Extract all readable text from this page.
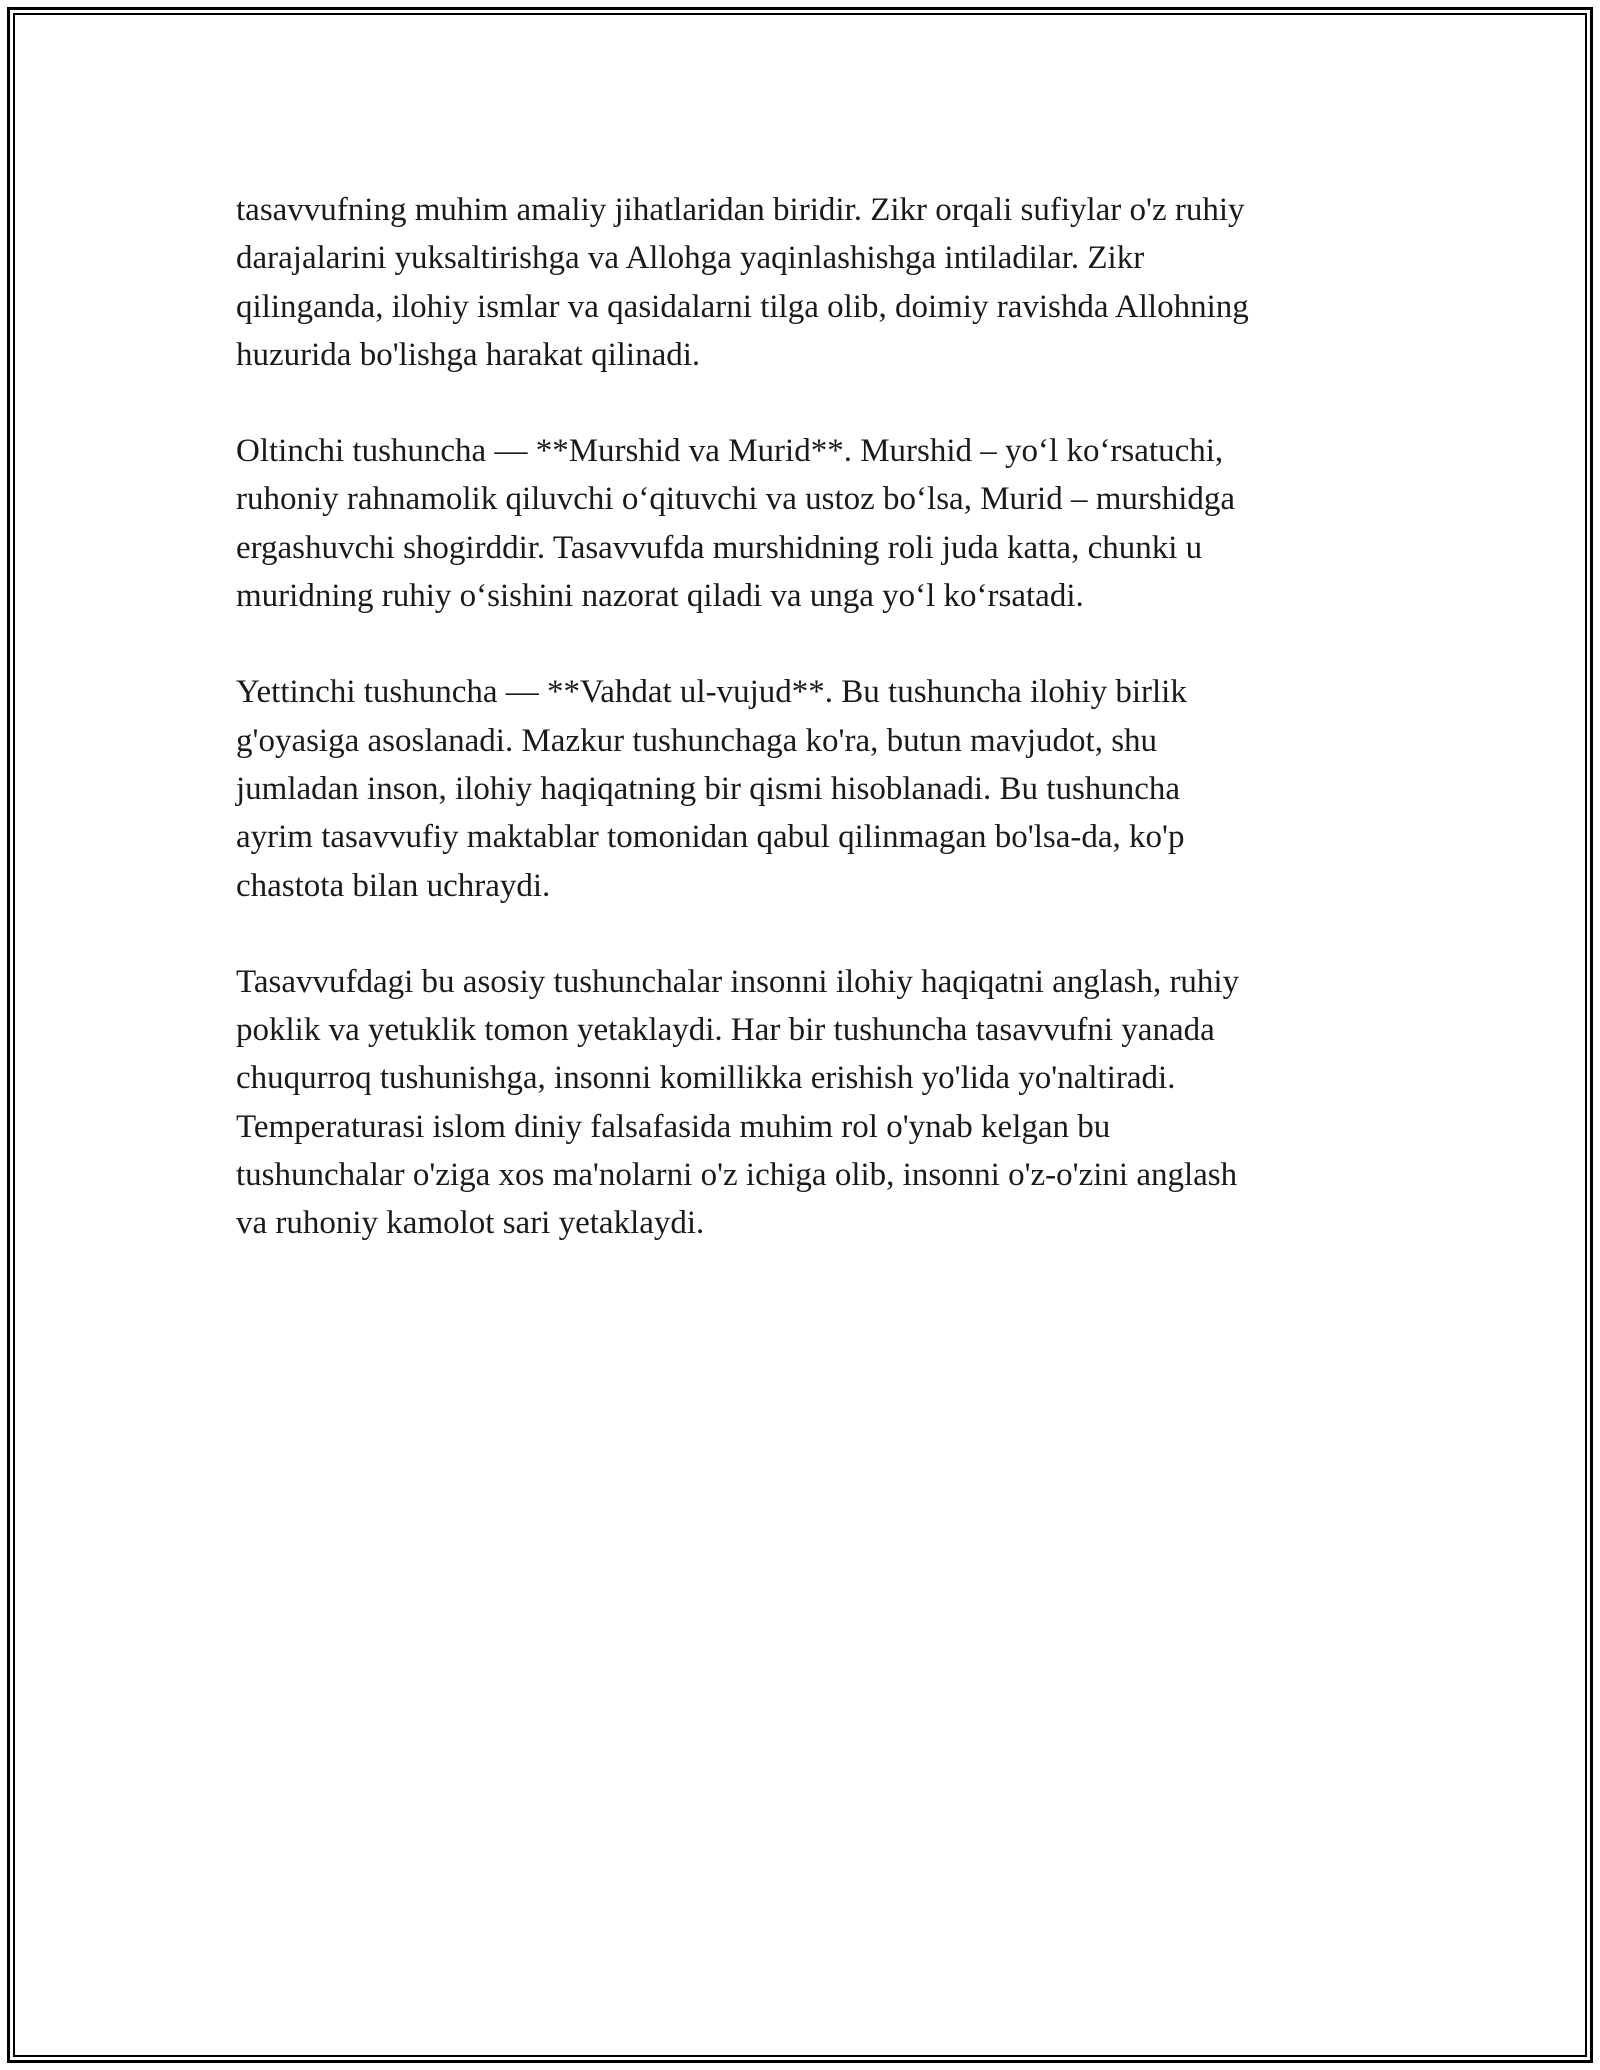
tasavvufning muhim amaliy jihatlaridan biridir. Zikr orqali sufiylar o'z ruhiy
darajalarini yuksaltirishga va Allohga yaqinlashishga intiladilar. Zikr
qilinganda, ilohiy ismlar va qasidalarni tilga olib, doimiy ravishda Allohning
huzurida bo'lishga harakat qilinadi.

Oltinchi tushuncha — **Murshid va Murid**. Murshid – yo‘l ko‘rsatuchi,
ruhoniy rahnamolik qiluvchi o‘qituvchi va ustoz bo‘lsa, Murid – murshidga
ergashuvchi shogirddir. Tasavvufda murshidning roli juda katta, chunki u
muridning ruhiy o‘sishini nazorat qiladi va unga yo‘l ko‘rsatadi.

Yettinchi tushuncha — **Vahdat ul-vujud**. Bu tushuncha ilohiy birlik
g'oyasiga asoslanadi. Mazkur tushunchaga ko'ra, butun mavjudot, shu
jumladan inson, ilohiy haqiqatning bir qismi hisoblanadi. Bu tushuncha
ayrim tasavvufiy maktablar tomonidan qabul qilinmagan bo'lsa-da, ko'p
chastota bilan uchraydi.

Tasavvufdagi bu asosiy tushunchalar insonni ilohiy haqiqatni anglash, ruhiy
poklik va yetuklik tomon yetaklaydi. Har bir tushuncha tasavvufni yanada
chuqurroq tushunishga, insonni komillikka erishish yo'lida yo'naltiradi.
Temperaturasi islom diniy falsafasida muhim rol o'ynab kelgan bu
tushunchalar o'ziga xos ma'nolarni o'z ichiga olib, insonni o'z-o'zini anglash
va ruhoniy kamolot sari yetaklaydi.
